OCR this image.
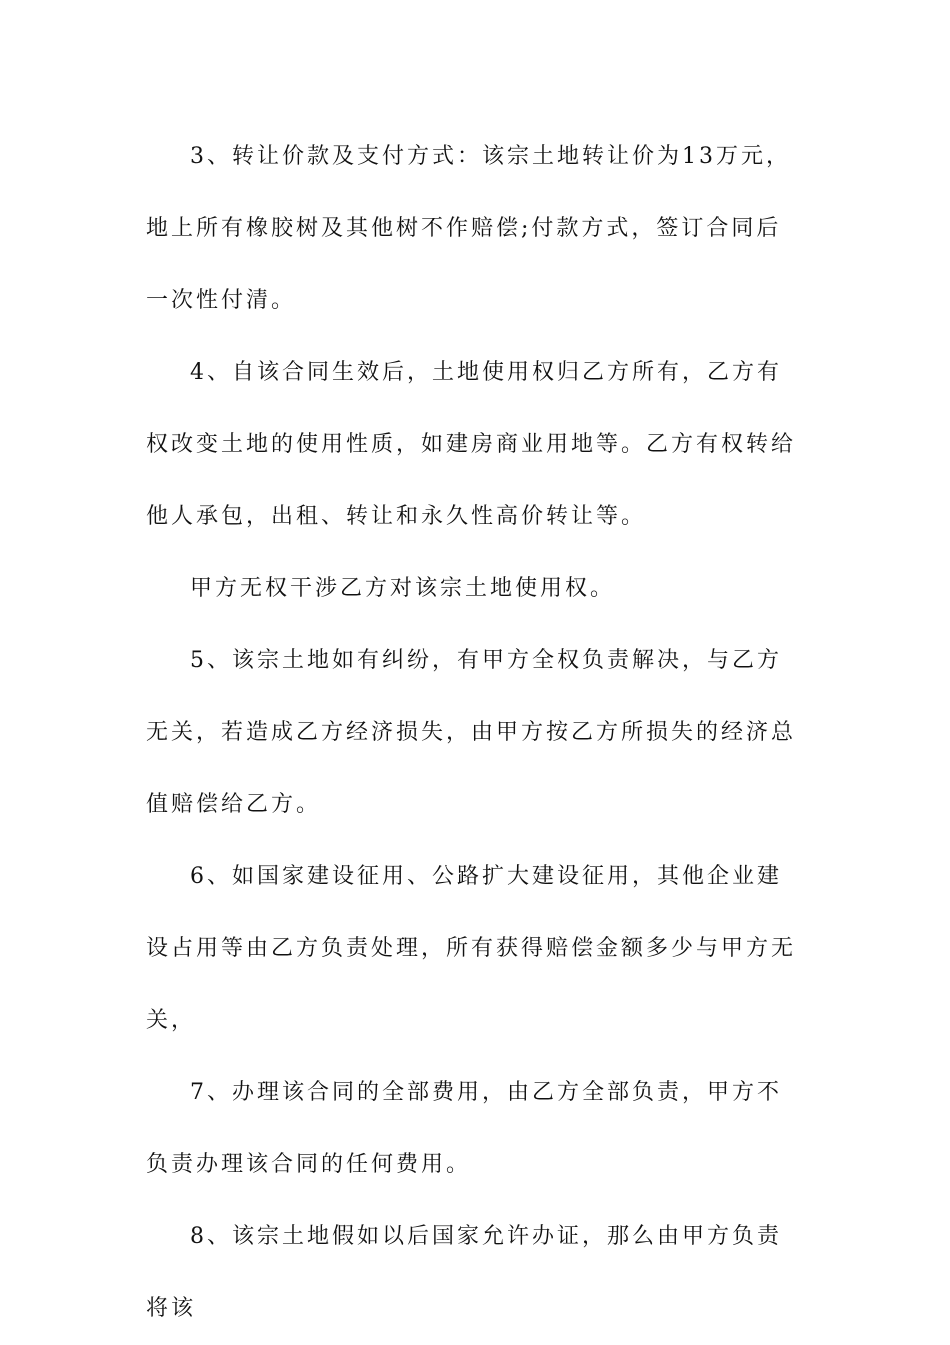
3、转让价款及支付方式：该宗土地转让价为13万元，地上所有橡胶树及其他树不作赔偿;付款方式，签订合同后一次性付清。

4、自该合同生效后，土地使用权归乙方所有，乙方有权改变土地的使用性质，如建房商业用地等。乙方有权转给他人承包，出租、转让和永久性高价转让等。

甲方无权干涉乙方对该宗土地使用权。

5、该宗土地如有纠纷，有甲方全权负责解决，与乙方无关，若造成乙方经济损失，由甲方按乙方所损失的经济总值赔偿给乙方。

6、如国家建设征用、公路扩大建设征用，其他企业建设占用等由乙方负责处理，所有获得赔偿金额多少与甲方无关，

7、办理该合同的全部费用，由乙方全部负责，甲方不负责办理该合同的任何费用。

8、该宗土地假如以后国家允许办证，那么由甲方负责将该
